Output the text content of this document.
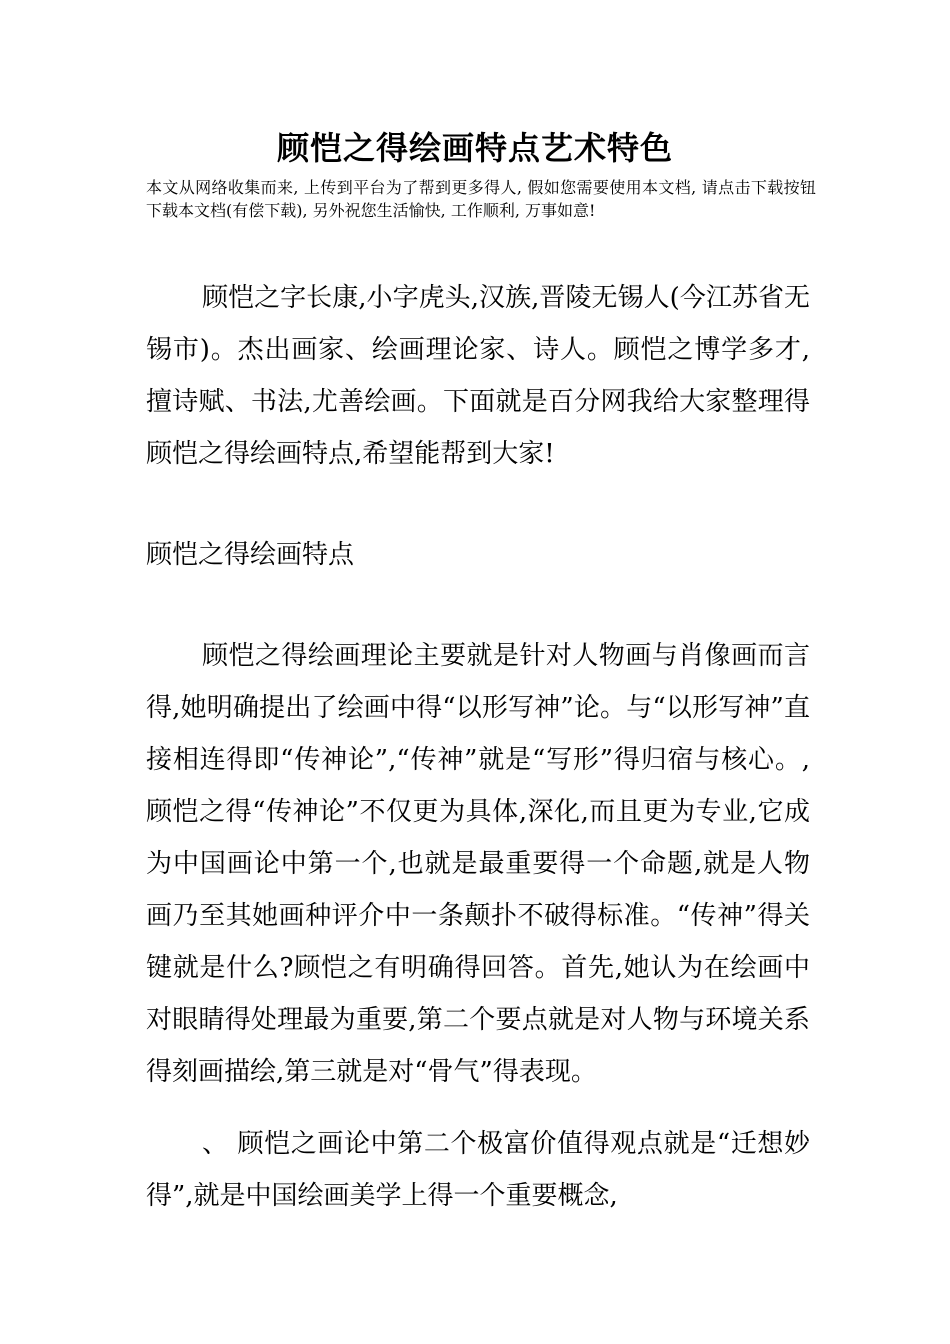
顾恺之得绘画特点艺术特色

本文从网络收集而来, 上传到平台为了帮到更多得人, 假如您需要使用本文档, 请点击下载按钮下载本文档(有偿下载), 另外祝您生活愉快, 工作顺利, 万事如意!

顾恺之字长康,小字虎头,汉族,晋陵无锡人(今江苏省无锡市)。杰出画家、绘画理论家、诗人。顾恺之博学多才,擅诗赋、书法,尤善绘画。下面就是百分网我给大家整理得顾恺之得绘画特点,希望能帮到大家!

顾恺之得绘画特点

顾恺之得绘画理论主要就是针对人物画与肖像画而言得,她明确提出了绘画中得“以形写神”论。与“以形写神”直接相连得即“传神论”,“传神”就是“写形”得归宿与核心。,顾恺之得“传神论”不仅更为具体,深化,而且更为专业,它成为中国画论中第一个,也就是最重要得一个命题,就是人物画乃至其她画种评介中一条颠扑不破得标准。“传神”得关键就是什么?顾恺之有明确得回答。首先,她认为在绘画中对眼睛得处理最为重要,第二个要点就是对人物与环境关系得刻画描绘,第三就是对“骨气”得表现。

、 顾恺之画论中第二个极富价值得观点就是“迁想妙得”,就是中国绘画美学上得一个重要概念,
